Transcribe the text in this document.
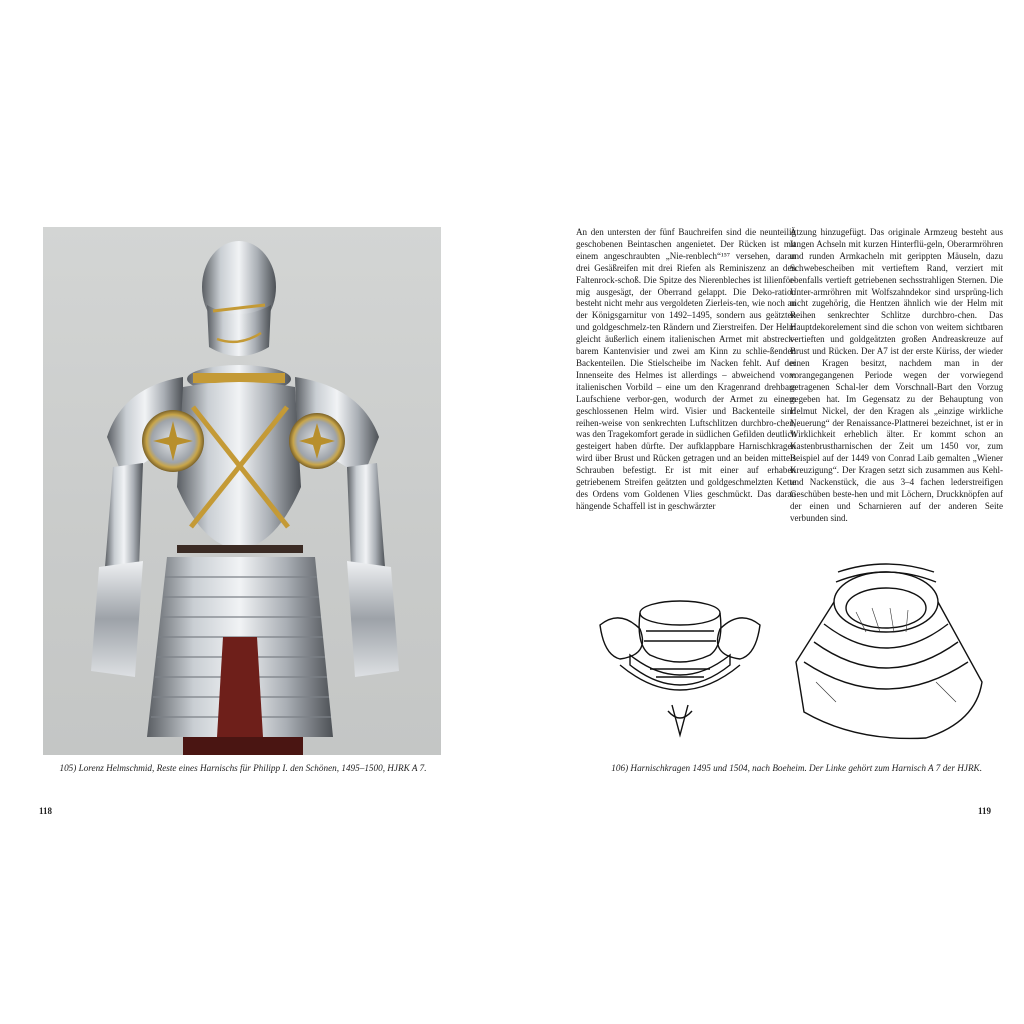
105) Lorenz Helmschmid, Reste eines Harnischs für Philipp I. den Schönen, 1495–1500, HJRK A 7.
118
An den untersten der fünf Bauchreifen sind die neunteilig geschobenen Beintaschen angenietet. Der Rücken ist mit einem angeschraubten „Nie-renblech“¹⁵⁷ versehen, daran drei Gesäßreifen mit drei Riefen als Reminiszenz an den Faltenrock-schoß. Die Spitze des Nierenbleches ist lilienför-mig ausgesägt, der Oberrand gelappt. Die Deko-ration besteht nicht mehr aus vergoldeten Zierleis-ten, wie noch an der Königsgarnitur von 1492–1495, sondern aus geätzten und goldgeschmelz-ten Rändern und Zierstreifen. Der Helm gleicht äußerlich einem italienischen Armet mit abstreck-barem Kantenvisier und zwei am Kinn zu schlie-ßenden Backenteilen. Die Stielscheibe im Nacken fehlt. Auf der Innenseite des Helmes ist allerdings – abweichend vom italienischen Vorbild – eine um den Kragenrand drehbare Laufschiene verbor-gen, wodurch der Armet zu einem geschlossenen Helm wird. Visier und Backenteile sind reihen-weise von senkrechten Luftschlitzen durchbro-chen, was den Tragekomfort gerade in südlichen Gefilden deutlich gesteigert haben dürfte. Der aufklappbare Harnischkragen wird über Brust und Rücken getragen und an beiden mittels Schrauben befestigt. Er ist mit einer auf erhaben getriebenem Streifen geätzten und goldgeschmelzten Kette des Ordens vom Goldenen Vlies geschmückt. Das daran hängende Schaffell ist in geschwärzter
Ätzung hinzugefügt. Das originale Armzeug besteht aus langen Achseln mit kurzen Hinterflü-geln, Oberarmröhren und runden Armkacheln mit gerippten Mäuseln, dazu Schwebescheiben mit vertieftem Rand, verziert mit ebenfalls vertieft getriebenen sechsstrahligen Sternen. Die Unter-armröhren mit Wolfszahndekor sind ursprüng-lich nicht zugehörig, die Hentzen ähnlich wie der Helm mit Reihen senkrechter Schlitze durchbro-chen. Das Hauptdekorelement sind die schon von weitem sichtbaren vertieften und goldgeätzten großen Andreaskreuze auf Brust und Rücken. Der A7 ist der erste Küriss, der wieder einen Kragen besitzt, nachdem man in der vorangegangenen Periode wegen der vorwiegend getragenen Schal-ler dem Vorschnall-Bart den Vorzug gegeben hat. Im Gegensatz zu der Behauptung von Helmut Nickel, der den Kragen als „einzige wirkliche Neuerung“ der Renaissance-Plattnerei bezeichnet, ist er in Wirklichkeit erheblich älter. Er kommt schon an Kastenbrustharnischen der Zeit um 1450 vor, zum Beispiel auf der 1449 von Conrad Laib gemalten „Wiener Kreuzigung“. Der Kragen setzt sich zusammen aus Kehl- und Nackenstück, die aus 3–4 fachen lederstreifigen Geschüben beste-hen und mit Löchern, Druckknöpfen auf der einen und Scharnieren auf der anderen Seite verbunden sind.
106) Harnischkragen 1495 und 1504, nach Boeheim. Der Linke gehört zum Harnisch A 7 der HJRK.
119
